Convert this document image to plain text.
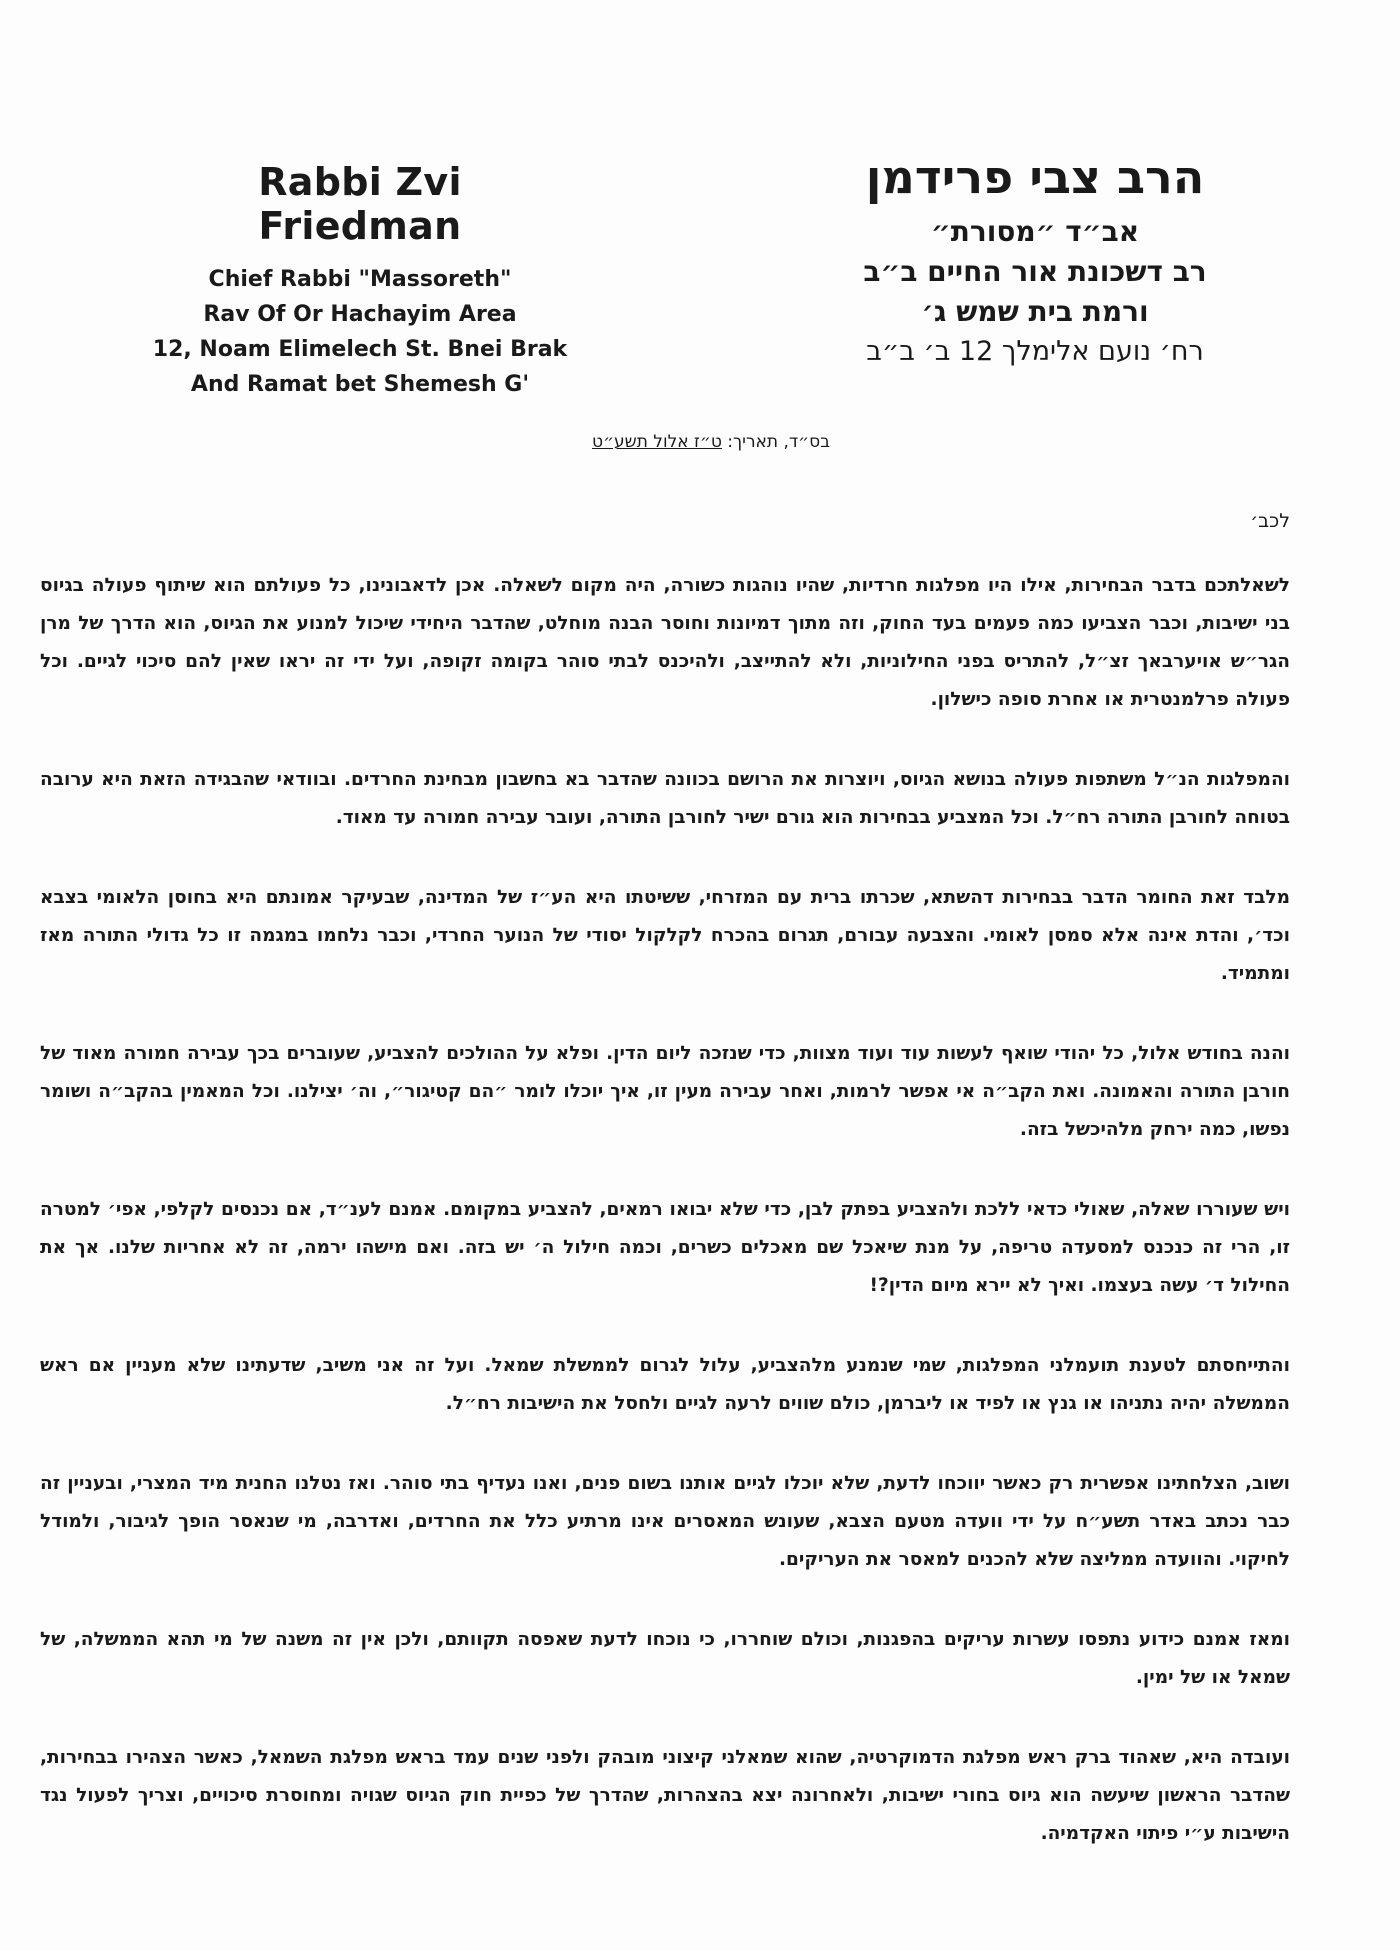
Rabbi Zvi Friedman
Chief Rabbi "Massoreth"
Rav Of Or Hachayim Area
12, Noam Elimelech St. Bnei Brak
And Ramat bet Shemesh G'
הרב צבי פרידמן
אב״ד ״מסורת״
רב דשכונת אור החיים ב״ב
ורמת בית שמש ג׳
רח׳ נועם אלימלך 12 ב׳ ב״ב
בס״ד, תאריך: ט״ז אלול תשע״ט
לכב׳

לשאלתכם בדבר הבחירות, אילו היו מפלגות חרדיות, שהיו נוהגות כשורה, היה מקום לשאלה. אכן לדאבונינו, כל פעולתם הוא שיתוף פעולה בגיוס בני ישיבות, וכבר הצביעו כמה פעמים בעד החוק, וזה מתוך דמיונות וחוסר הבנה מוחלט, שהדבר היחידי שיכול למנוע את הגיוס, הוא הדרך של מרן הגר״ש אויערבאך זצ״ל, להתריס בפני החילוניות, ולא להתייצב, ולהיכנס לבתי סוהר בקומה זקופה, ועל ידי זה יראו שאין להם סיכוי לגיים. וכל פעולה פרלמנטרית או אחרת סופה כישלון.

והמפלגות הנ״ל משתפות פעולה בנושא הגיוס, ויוצרות את הרושם בכוונה שהדבר בא בחשבון מבחינת החרדים. ובוודאי שהבגידה הזאת היא ערובה בטוחה לחורבן התורה רח״ל. וכל המצביע בבחירות הוא גורם ישיר לחורבן התורה, ועובר עבירה חמורה עד מאוד.

מלבד זאת החומר הדבר בבחירות דהשתא, שכרתו ברית עם המזרחי, ששיטתו היא הע״ז של המדינה, שבעיקר אמונתם היא בחוסן הלאומי בצבא וכד׳, והדת אינה אלא סמסן לאומי. והצבעה עבורם, תגרום בהכרח לקלקול יסודי של הנוער החרדי, וכבר נלחמו במגמה זו כל גדולי התורה מאז ומתמיד.

והנה בחודש אלול, כל יהודי שואף לעשות עוד ועוד מצוות, כדי שנזכה ליום הדין. ופלא על ההולכים להצביע, שעוברים בכך עבירה חמורה מאוד של חורבן התורה והאמונה. ואת הקב״ה אי אפשר לרמות, ואחר עבירה מעין זו, איך יוכלו לומר ״הם קטיגור״, וה׳ יצילנו. וכל המאמין בהקב״ה ושומר נפשו, כמה ירחק מלהיכשל בזה.

ויש שעוררו שאלה, שאולי כדאי ללכת ולהצביע בפתק לבן, כדי שלא יבואו רמאים, להצביע במקומם. אמנם לענ״ד, אם נכנסים לקלפי, אפי׳ למטרה זו, הרי זה כנכנס למסעדה טריפה, על מנת שיאכל שם מאכלים כשרים, וכמה חילול ה׳ יש בזה. ואם מישהו ירמה, זה לא אחריות שלנו. אך את החילול ד׳ עשה בעצמו. ואיך לא יירא מיום הדין?!

והתייחסתם לטענת תועמלני המפלגות, שמי שנמנע מלהצביע, עלול לגרום לממשלת שמאל. ועל זה אני משיב, שדעתינו שלא מעניין אם ראש הממשלה יהיה נתניהו או גנץ או לפיד או ליברמן, כולם שווים לרעה לגיים ולחסל את הישיבות רח״ל.

ושוב, הצלחתינו אפשרית רק כאשר יווכחו לדעת, שלא יוכלו לגיים אותנו בשום פנים, ואנו נעדיף בתי סוהר. ואז נטלנו החנית מיד המצרי, ובעניין זה כבר נכתב באדר תשע״ח על ידי וועדה מטעם הצבא, שעונש המאסרים אינו מרתיע כלל את החרדים, ואדרבה, מי שנאסר הופך לגיבור, ולמודל לחיקוי. והוועדה ממליצה שלא להכנים למאסר את העריקים.

ומאז אמנם כידוע נתפסו עשרות עריקים בהפגנות, וכולם שוחררו, כי נוכחו לדעת שאפסה תקוותם, ולכן אין זה משנה של מי תהא הממשלה, של שמאל או של ימין.

ועובדה היא, שאהוד ברק ראש מפלגת הדמוקרטיה, שהוא שמאלני קיצוני מובהק ולפני שנים עמד בראש מפלגת השמאל, כאשר הצהירו בבחירות, שהדבר הראשון שיעשה הוא גיוס בחורי ישיבות, ולאחרונה יצא בהצהרות, שהדרך של כפיית חוק הגיוס שגויה ומחוסרת סיכויים, וצריך לפעול נגד הישיבות ע״י פיתוי האקדמיה.
